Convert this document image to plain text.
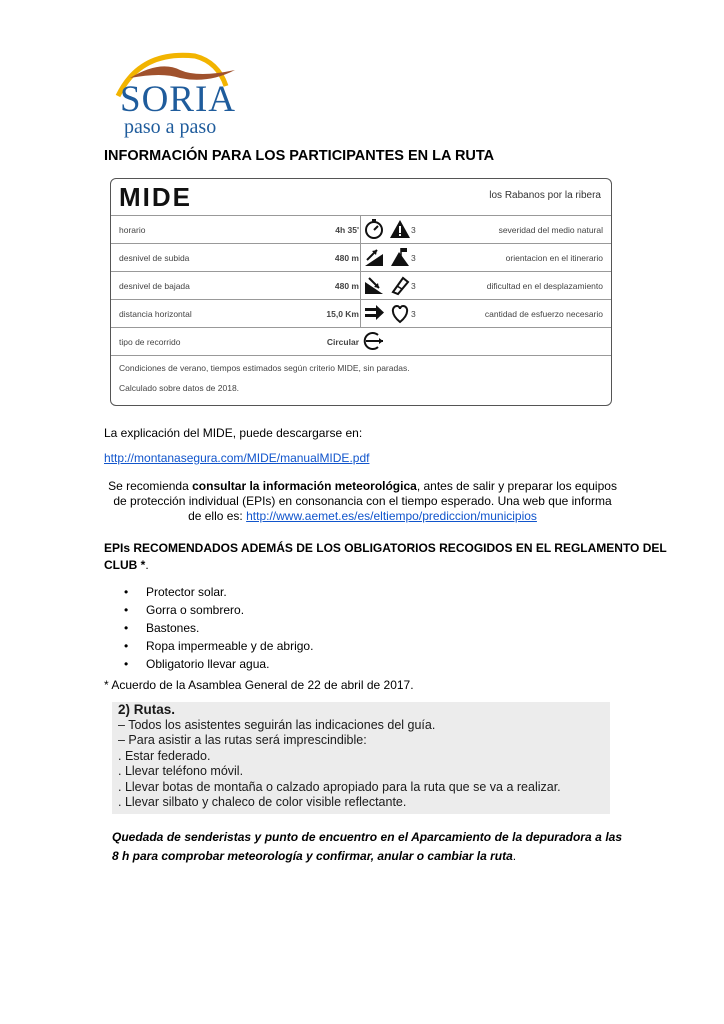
SORIA
paso a paso
INFORMACIÓN PARA LOS PARTICIPANTES EN LA RUTA
MIDE	los Rabanos por la ribera
horario	4h 35'	3	severidad del medio natural
desnivel de subida	480 m	3	orientacion en el itinerario
desnivel de bajada	480 m	3	dificultad en el desplazamiento
distancia horizontal	15,0 Km	3	cantidad de esfuerzo necesario
tipo de recorrido	Circular
Condiciones de verano, tiempos estimados según criterio MIDE, sin paradas.
Calculado sobre datos de 2018.
La explicación del MIDE, puede descargarse en:
http://montanasegura.com/MIDE/manualMIDE.pdf
Se recomienda consultar la información meteorológica, antes de salir y preparar los equipos
de protección individual (EPIs) en consonancia con el tiempo esperado. Una web que informa
de ello es: http://www.aemet.es/es/eltiempo/prediccion/municipios
EPIs RECOMENDADOS ADEMÁS DE LOS OBLIGATORIOS RECOGIDOS EN EL REGLAMENTO DEL
CLUB *.
• Protector solar.
• Gorra o sombrero.
• Bastones.
• Ropa impermeable y de abrigo.
• Obligatorio llevar agua.
* Acuerdo de la Asamblea General de 22 de abril de 2017.
2) Rutas.
– Todos los asistentes seguirán las indicaciones del guía.
– Para asistir a las rutas será imprescindible:
. Estar federado.
. Llevar teléfono móvil.
. Llevar botas de montaña o calzado apropiado para la ruta que se va a realizar.
. Llevar silbato y chaleco de color visible reflectante.
Quedada de senderistas y punto de encuentro en el Aparcamiento de la depuradora a las 8 h para comprobar meteorología y confirmar, anular o cambiar la ruta.
